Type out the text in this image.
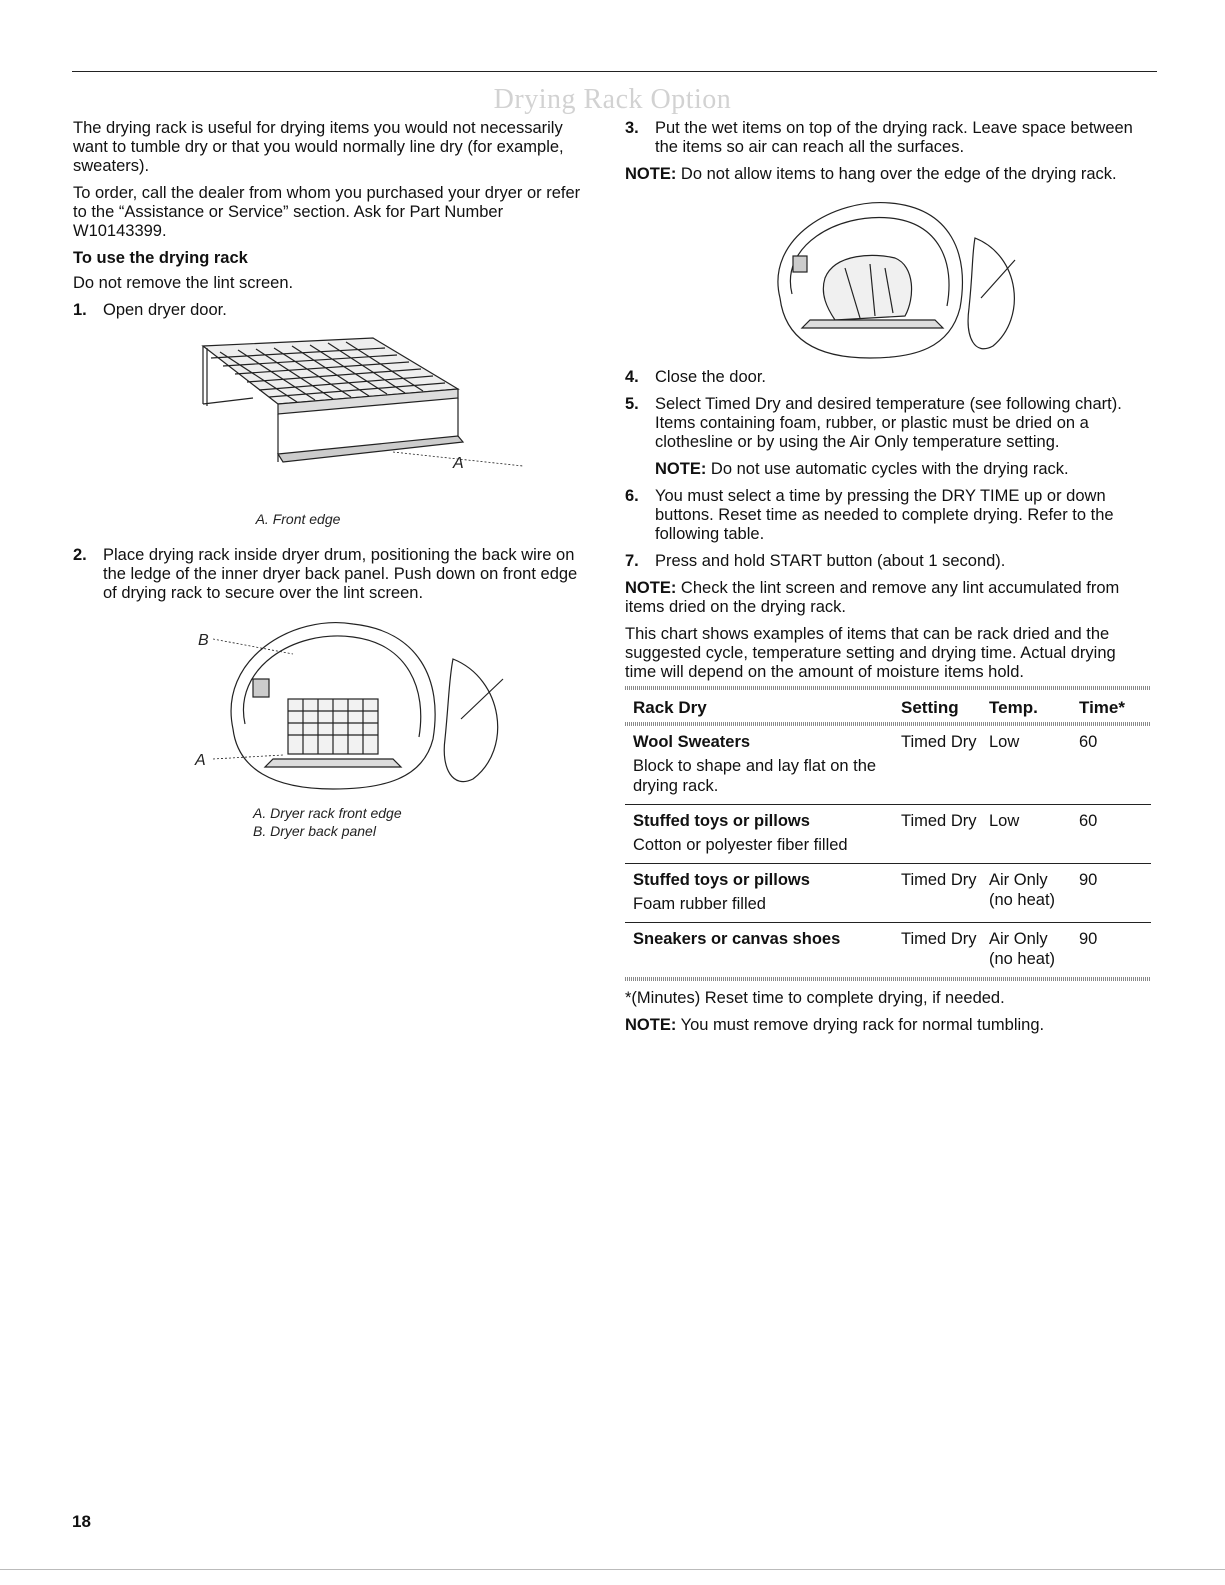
Drying Rack Option

The drying rack is useful for drying items you would not necessarily want to tumble dry or that you would normally line dry (for example, sweaters).

To order, call the dealer from whom you purchased your dryer or refer to the “Assistance or Service” section. Ask for Part Number W10143399.

To use the drying rack

Do not remove the lint screen.

1. Open dryer door.
A
A. Front edge
2. Place drying rack inside dryer drum, positioning the back wire on the ledge of the inner dryer back panel. Push down on front edge of drying rack to secure over the lint screen.
B
A
A. Dryer rack front edge
B. Dryer back panel
3. Put the wet items on top of the drying rack. Leave space between the items so air can reach all the surfaces.

NOTE: Do not allow items to hang over the edge of the drying rack.

4. Close the door.
5. Select Timed Dry and desired temperature (see following chart). Items containing foam, rubber, or plastic must be dried on a clothesline or by using the Air Only temperature setting.

NOTE: Do not use automatic cycles with the drying rack.

6. You must select a time by pressing the DRY TIME up or down buttons. Reset time as needed to complete drying. Refer to the following table.
7. Press and hold START button (about 1 second).

NOTE: Check the lint screen and remove any lint accumulated from items dried on the drying rack.

This chart shows examples of items that can be rack dried and the suggested cycle, temperature setting and drying time. Actual drying time will depend on the amount of moisture items hold.

Rack Dry	Setting	Temp.	Time*

Wool Sweaters
Block to shape and lay flat on the drying rack.	Timed Dry	Low	60

Stuffed toys or pillows
Cotton or polyester fiber filled	Timed Dry	Low	60

Stuffed toys or pillows
Foam rubber filled	Timed Dry	Air Only (no heat)	90

Sneakers or canvas shoes	Timed Dry	Air Only (no heat)	90

*(Minutes) Reset time to complete drying, if needed.

NOTE: You must remove drying rack for normal tumbling.

18
